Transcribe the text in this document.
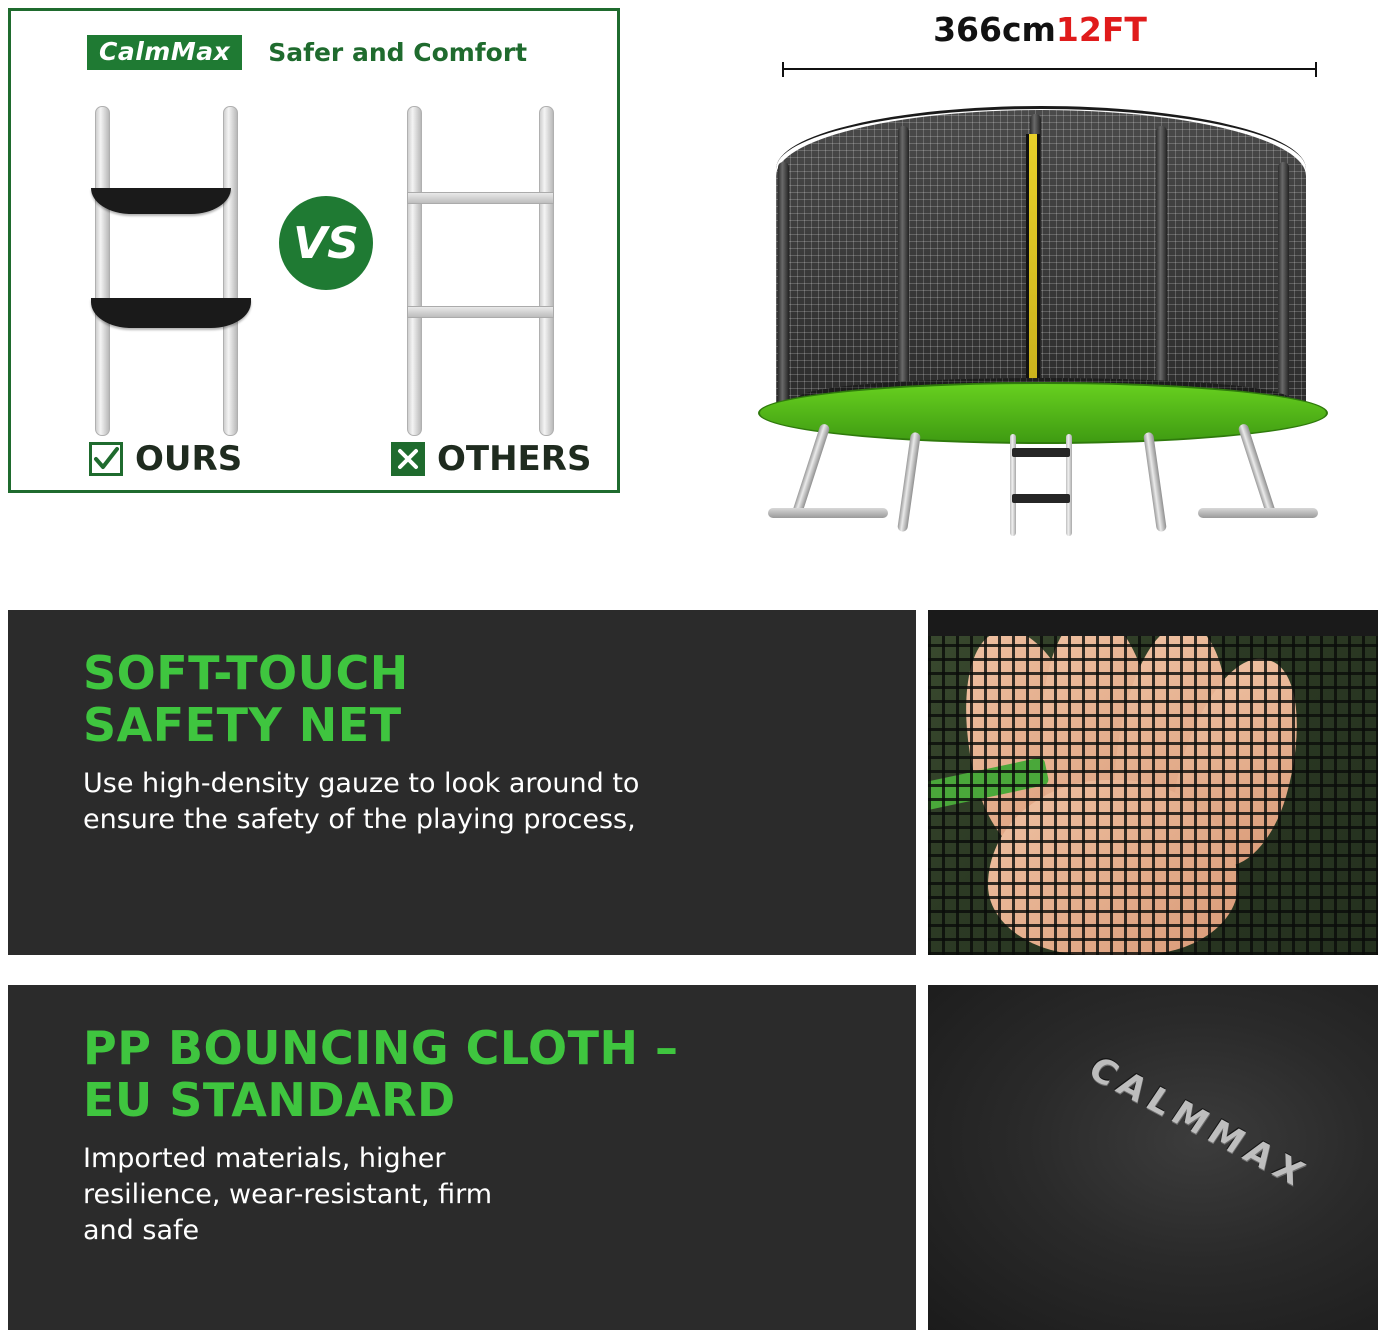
CalmMax	Safer and Comfort
VS
OURS	OTHERS
366cm12FT
SOFT-TOUCH
SAFETY NET

Use high-density gauze to look around to ensure the safety of the playing process,

PP BOUNCING CLOTH –
EU STANDARD

Imported materials, higher resilience, wear-resistant, firm and safe

CALMMAX
